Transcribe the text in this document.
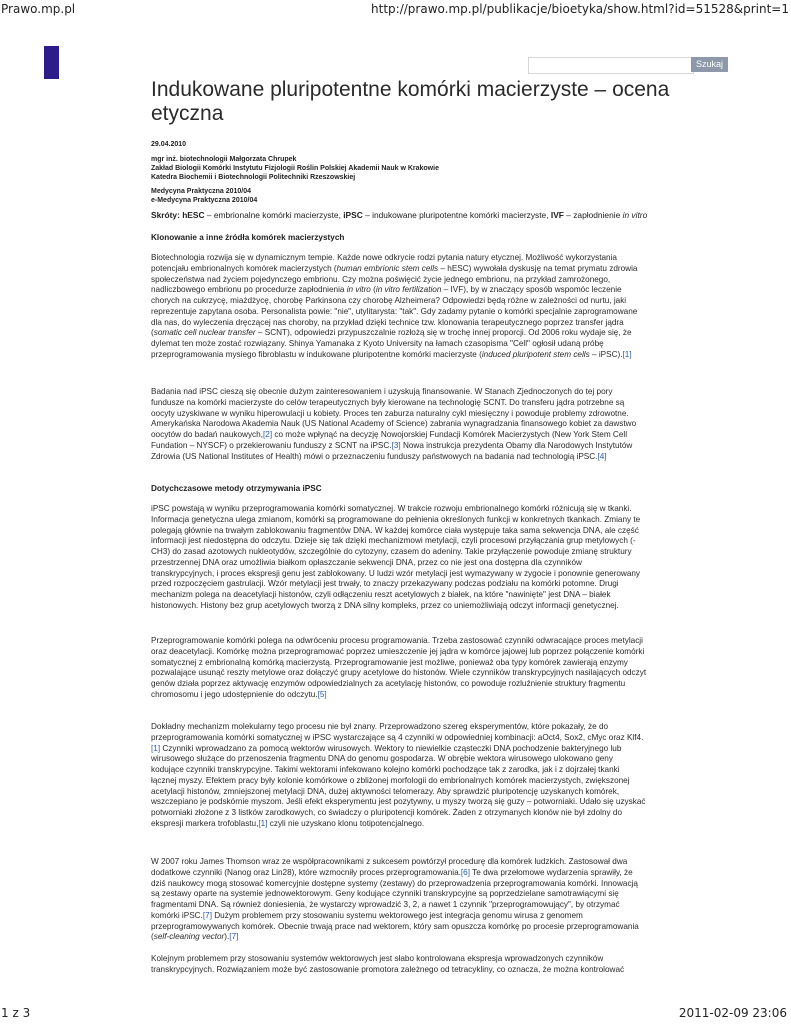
Prawo.mp.pl	http://prawo.mp.pl/publikacje/bioetyka/show.html?id=51528&print=1
Szukaj
Indukowane pluripotentne komórki macierzyste – ocena etyczna
29.04.2010
mgr inż. biotechnologii Małgorzata Chrupek
Zakład Biologii Komórki Instytutu Fizjologii Roślin Polskiej Akademii Nauk w Krakowie
Katedra Biochemii i Biotechnologii Politechniki Rzeszowskiej
Medycyna Praktyczna 2010/04
e-Medycyna Praktyczna 2010/04
Skróty: hESC – embrionalne komórki macierzyste, iPSC – indukowane pluripotentne komórki macierzyste, IVF – zapłodnienie in vitro
Klonowanie a inne źródła komórek macierzystych
Biotechnologia rozwija się w dynamicznym tempie. Każde nowe odkrycie rodzi pytania natury etycznej. Możliwość wykorzystania potencjału embrionalnych komórek macierzystych (human embrionic stem cells – hESC) wywołała dyskusję na temat prymatu zdrowia społeczeństwa nad życiem pojedynczego embrionu. Czy można poświęcić życie jednego embrionu, na przykład zamrożonego, nadliczbowego embrionu po procedurze zapłodnienia in vitro (in vitro fertilization – IVF), by w znaczący sposób wspomóc leczenie chorych na cukrzycę, miażdżycę, chorobę Parkinsona czy chorobę Alzheimera? Odpowiedzi będą różne w zależności od nurtu, jaki reprezentuje zapytana osoba. Personalista powie: "nie", utylitarysta: "tak". Gdy zadamy pytanie o komórki specjalnie zaprogramowane dla nas, do wyleczenia dręczącej nas choroby, na przykład dzięki technice tzw. klonowania terapeutycznego poprzez transfer jądra (somatic cell nuclear transfer – SCNT), odpowiedzi przypuszczalnie rozłożą się w trochę innej proporcji. Od 2006 roku wydaje się, że dylemat ten może zostać rozwiązany. Shinya Yamanaka z Kyoto University na łamach czasopisma "Cell" ogłosił udaną próbę przeprogramowania mysiego fibroblastu w indukowane pluripotentne komórki macierzyste (induced pluripotent stem cells – iPSC).[1]
Badania nad iPSC cieszą się obecnie dużym zainteresowaniem i uzyskują finansowanie. W Stanach Zjednoczonych do tej pory fundusze na komórki macierzyste do celów terapeutycznych były kierowane na technologię SCNT. Do transferu jądra potrzebne są oocyty uzyskiwane w wyniku hiperowulacji u kobiety. Proces ten zaburza naturalny cykl miesięczny i powoduje problemy zdrowotne. Amerykańska Narodowa Akademia Nauk (US National Academy of Science) zabrania wynagradzania finansowego kobiet za dawstwo oocytów do badań naukowych,[2] co może wpłynąć na decyzję Nowojorskiej Fundacji Komórek Macierzystych (New York Stem Cell Fundation – NYSCF) o przekierowaniu funduszy z SCNT na iPSC.[3] Nowa instrukcja prezydenta Obamy dla Narodowych Instytutów Zdrowia (US National Institutes of Health) mówi o przeznaczeniu funduszy państwowych na badania nad technologią iPSC.[4]
Dotychczasowe metody otrzymywania iPSC
iPSC powstają w wyniku przeprogramowania komórki somatycznej. W trakcie rozwoju embrionalnego komórki różnicują się w tkanki. Informacja genetyczna ulega zmianom, komórki są programowane do pełnienia określonych funkcji w konkretnych tkankach. Zmiany te polegają głównie na trwałym zablokowaniu fragmentów DNA. W każdej komórce ciała występuje taka sama sekwencja DNA, ale część informacji jest niedostępna do odczytu. Dzieje się tak dzięki mechanizmowi metylacji, czyli procesowi przyłączania grup metylowych (-CH3) do zasad azotowych nukleotydów, szczególnie do cytozyny, czasem do adeniny. Takie przyłączenie powoduje zmianę struktury przestrzennej DNA oraz umożliwia białkom opłaszczanie sekwencji DNA, przez co nie jest ona dostępna dla czynników transkrypcyjnych, i proces ekspresji genu jest zablokowany. U ludzi wzór metylacji jest wymazywany w zygocie i ponownie generowany przed rozpoczęciem gastrulacji. Wzór metylacji jest trwały, to znaczy przekazywany podczas podziału na komórki potomne. Drugi mechanizm polega na deacetylacji histonów, czyli odłączeniu reszt acetylowych z białek, na które "nawinięte" jest DNA – białek histonowych. Histony bez grup acetylowych tworzą z DNA silny kompleks, przez co uniemożliwiają odczyt informacji genetycznej.
Przeprogramowanie komórki polega na odwróceniu procesu programowania. Trzeba zastosować czynniki odwracające proces metylacji oraz deacetylacji. Komórkę można przeprogramować poprzez umieszczenie jej jądra w komórce jajowej lub poprzez połączenie komórki somatycznej z embrionalną komórką macierzystą. Przeprogramowanie jest możliwe, ponieważ oba typy komórek zawierają enzymy pozwalające usunąć reszty metylowe oraz dołączyć grupy acetylowe do histonów. Wiele czynników transkrypcyjnych nasilających odczyt genów działa poprzez aktywację enzymów odpowiedzialnych za acetylację histonów, co powoduje rozluźnienie struktury fragmentu chromosomu i jego udostępnienie do odczytu.[5]
Dokładny mechanizm molekularny tego procesu nie był znany. Przeprowadzono szereg eksperymentów, które pokazały, że do przeprogramowania komórki somatycznej w iPSC wystarczające są 4 czynniki w odpowiedniej kombinacji: aOct4, Sox2, cMyc oraz Klf4.[1] Czynniki wprowadzano za pomocą wektorów wirusowych. Wektory to niewielkie cząsteczki DNA pochodzenie bakteryjnego lub wirusowego służące do przenoszenia fragmentu DNA do genomu gospodarza. W obrębie wektora wirusowego ulokowano geny kodujące czynniki transkrypcyjne. Takimi wektorami infekowano kolejno komórki pochodzące tak z zarodka, jak i z dojrzałej tkanki łącznej myszy. Efektem pracy były kolonie komórkowe o zbliżonej morfologii do embrionalnych komórek macierzystych, zwiększonej acetylacji histonów, zmniejszonej metylacji DNA, dużej aktywności telomerazy. Aby sprawdzić pluripotencję uzyskanych komórek, wszczepiano je podskórnie myszom. Jeśli efekt eksperymentu jest pozytywny, u myszy tworzą się guzy – potworniaki. Udało się uzyskać potworniaki złożone z 3 listków zarodkowych, co świadczy o pluripotencji komórek. Żaden z otrzymanych klonów nie był zdolny do ekspresji markera trofoblastu,[1] czyli nie uzyskano klonu totipotencjalnego.
W 2007 roku James Thomson wraz ze współpracownikami z sukcesem powtórzył procedurę dla komórek ludzkich. Zastosował dwa dodatkowe czynniki (Nanog oraz Lin28), które wzmocniły proces przeprogramowania.[6] Te dwa przełomowe wydarzenia sprawiły, że dziś naukowcy mogą stosować komercyjnie dostępne systemy (zestawy) do przeprowadzenia przeprogramowania komórki. Innowacją są zestawy oparte na systemie jednowektorowym. Geny kodujące czynniki transkrypcyjne są poprzedzielane samotrawiącymi się fragmentami DNA. Są również doniesienia, że wystarczy wprowadzić 3, 2, a nawet 1 czynnik "przeprogramowujący", by otrzymać komórki iPSC.[7] Dużym problemem przy stosowaniu systemu wektorowego jest integracja genomu wirusa z genomem przeprogramowywanych komórek. Obecnie trwają prace nad wektorem, który sam opuszcza komórkę po procesie przeprogramowania (self-cleaning vector).[7]
Kolejnym problemem przy stosowaniu systemów wektorowych jest słabo kontrolowana ekspresja wprowadzonych czynników transkrypcyjnych. Rozwiązaniem może być zastosowanie promotora zależnego od tetracykliny, co oznacza, że można kontrolować
1 z 3	2011-02-09 23:06
